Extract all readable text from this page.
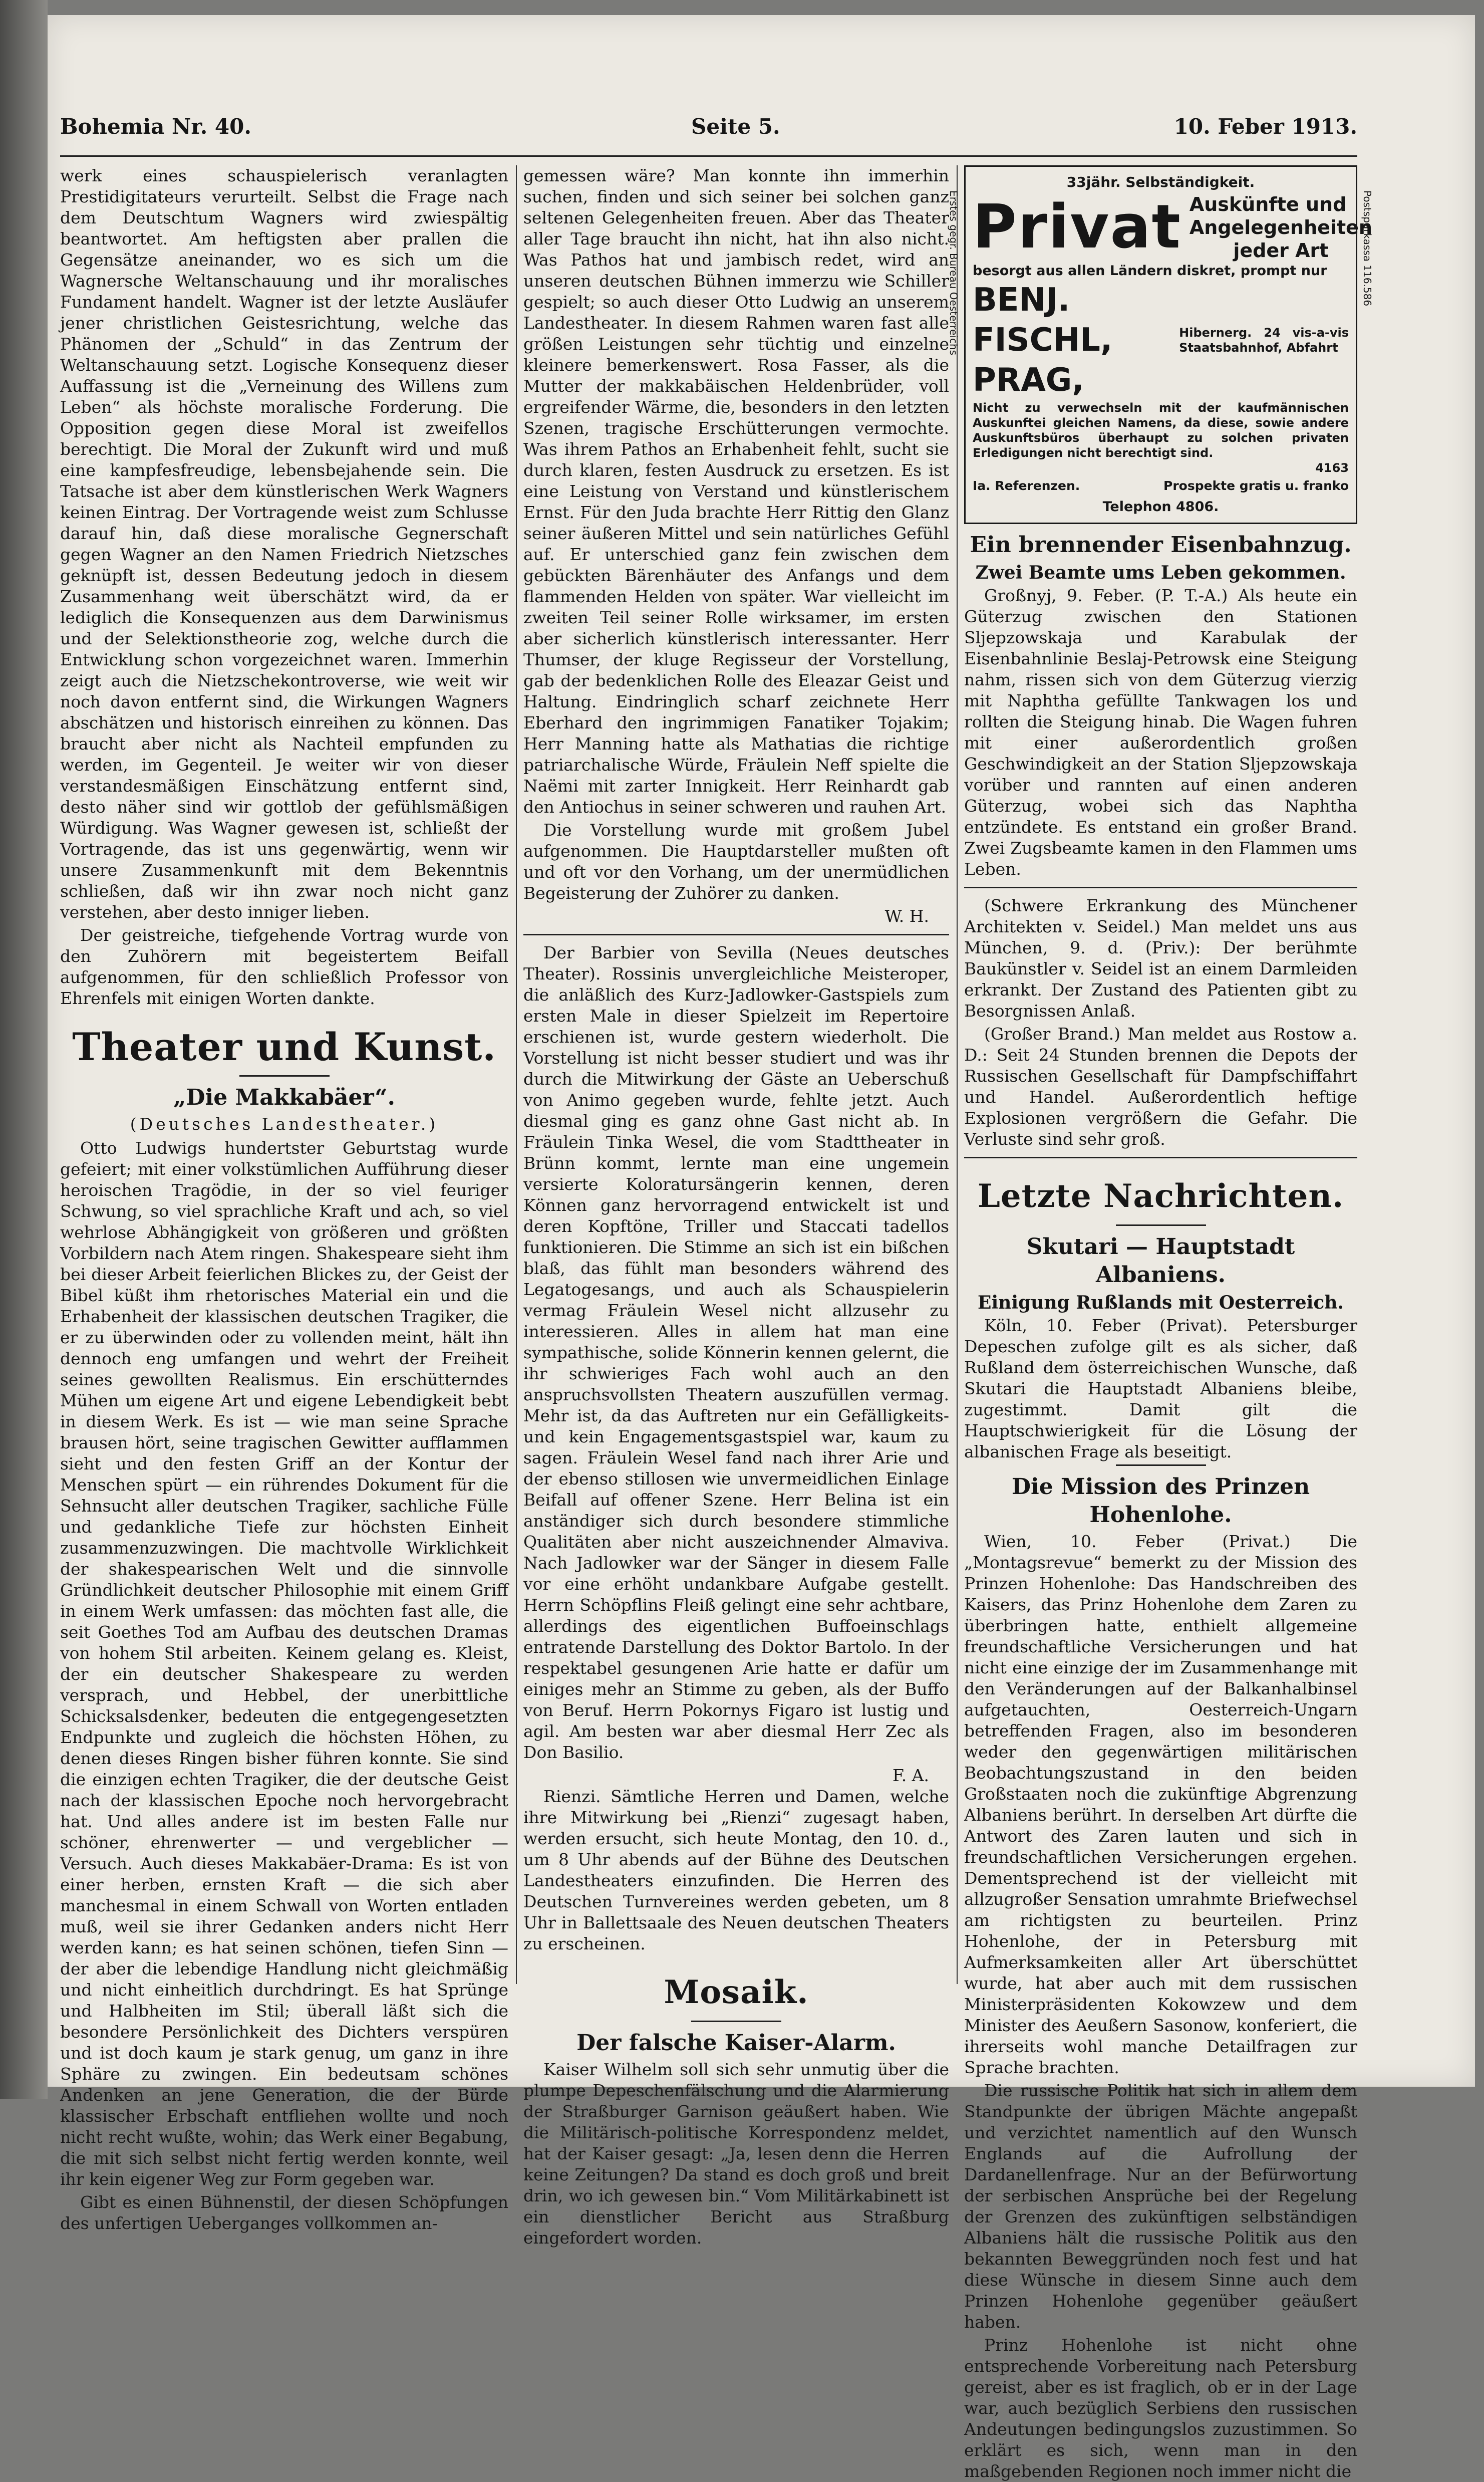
Bohemia Nr. 40.	Seite 5.	10. Feber 1913.

werk eines schauspielerisch veranlagten Prestidigitateurs verurteilt. Selbst die Frage nach dem Deutschtum Wagners wird zwiespältig beantwortet. Am heftigsten aber prallen die Gegensätze aneinander, wo es sich um die Wagnersche Weltanschauung und ihr moralisches Fundament handelt. Wagner ist der letzte Ausläufer jener christlichen Geistesrichtung, welche das Phänomen der „Schuld“ in das Zentrum der Weltanschauung setzt. Logische Konsequenz dieser Auffassung ist die „Verneinung des Willens zum Leben“ als höchste moralische Forderung. Die Opposition gegen diese Moral ist zweifellos berechtigt. Die Moral der Zukunft wird und muß eine kampfesfreudige, lebensbejahende sein. Die Tatsache ist aber dem künstlerischen Werk Wagners keinen Eintrag. Der Vortragende weist zum Schlusse darauf hin, daß diese moralische Gegnerschaft gegen Wagner an den Namen Friedrich Nietzsches geknüpft ist, dessen Bedeutung jedoch in diesem Zusammenhang weit überschätzt wird, da er lediglich die Konsequenzen aus dem Darwinismus und der Selektionstheorie zog, welche durch die Entwicklung schon vorgezeichnet waren. Immerhin zeigt auch die Nietzschekontroverse, wie weit wir noch davon entfernt sind, die Wirkungen Wagners abschätzen und historisch einreihen zu können. Das braucht aber nicht als Nachteil empfunden zu werden, im Gegenteil. Je weiter wir von dieser verstandesmäßigen Einschätzung entfernt sind, desto näher sind wir gottlob der gefühlsmäßigen Würdigung. Was Wagner gewesen ist, schließt der Vortragende, das ist uns gegenwärtig, wenn wir unsere Zusammenkunft mit dem Bekenntnis schließen, daß wir ihn zwar noch nicht ganz verstehen, aber desto inniger lieben.

Der geistreiche, tiefgehende Vortrag wurde von den Zuhörern mit begeistertem Beifall aufgenommen, für den schließlich Professor von Ehrenfels mit einigen Worten dankte.

Theater und Kunst.
„Die Makkabäer“.
(Deutsches Landestheater.)

Otto Ludwigs hundertster Geburtstag wurde gefeiert; mit einer volkstümlichen Aufführung dieser heroischen Tragödie, in der so viel feuriger Schwung, so viel sprachliche Kraft und ach, so viel wehrlose Abhängigkeit von größeren und größten Vorbildern nach Atem ringen. Shakespeare sieht ihm bei dieser Arbeit feierlichen Blickes zu, der Geist der Bibel küßt ihm rhetorisches Material ein und die Erhabenheit der klassischen deutschen Tragiker, die er zu überwinden oder zu vollenden meint, hält ihn dennoch eng umfangen und wehrt der Freiheit seines gewollten Realismus. Ein erschütterndes Mühen um eigene Art und eigene Lebendigkeit bebt in diesem Werk. Es ist — wie man seine Sprache brausen hört, seine tragischen Gewitter aufflammen sieht und den festen Griff an der Kontur der Menschen spürt — ein rührendes Dokument für die Sehnsucht aller deutschen Tragiker, sachliche Fülle und gedankliche Tiefe zur höchsten Einheit zusammenzuzwingen. Die machtvolle Wirklichkeit der shakespearischen Welt und die sinnvolle Gründlichkeit deutscher Philosophie mit einem Griff in einem Werk umfassen: das möchten fast alle, die seit Goethes Tod am Aufbau des deutschen Dramas von hohem Stil arbeiten. Keinem gelang es. Kleist, der ein deutscher Shakespeare zu werden versprach, und Hebbel, der unerbittliche Schicksalsdenker, bedeuten die entgegengesetzten Endpunkte und zugleich die höchsten Höhen, zu denen dieses Ringen bisher führen konnte. Sie sind die einzigen echten Tragiker, die der deutsche Geist nach der klassischen Epoche noch hervorgebracht hat. Und alles andere ist im besten Falle nur schöner, ehrenwerter — und vergeblicher — Versuch. Auch dieses Makkabäer-Drama: Es ist von einer herben, ernsten Kraft — die sich aber manchesmal in einem Schwall von Worten entladen muß, weil sie ihrer Gedanken anders nicht Herr werden kann; es hat seinen schönen, tiefen Sinn — der aber die lebendige Handlung nicht gleichmäßig und nicht einheitlich durchdringt. Es hat Sprünge und Halbheiten im Stil; überall läßt sich die besondere Persönlichkeit des Dichters verspüren und ist doch kaum je stark genug, um ganz in ihre Sphäre zu zwingen. Ein bedeutsam schönes Andenken an jene Generation, die der Bürde klassischer Erbschaft entfliehen wollte und noch nicht recht wußte, wohin; das Werk einer Begabung, die mit sich selbst nicht fertig werden konnte, weil ihr kein eigener Weg zur Form gegeben war.

Gibt es einen Bühnenstil, der diesen Schöpfungen des unfertigen Ueberganges vollkommen an-

gemessen wäre? Man konnte ihn immerhin suchen, finden und sich seiner bei solchen ganz seltenen Gelegenheiten freuen. Aber das Theater aller Tage braucht ihn nicht, hat ihn also nicht. Was Pathos hat und jambisch redet, wird an unseren deutschen Bühnen immerzu wie Schiller gespielt; so auch dieser Otto Ludwig an unserem Landestheater. In diesem Rahmen waren fast alle größen Leistungen sehr tüchtig und einzelne kleinere bemerkenswert. Rosa Fasser, als die Mutter der makkabäischen Heldenbrüder, voll ergreifender Wärme, die, besonders in den letzten Szenen, tragische Erschütterungen vermochte. Was ihrem Pathos an Erhabenheit fehlt, sucht sie durch klaren, festen Ausdruck zu ersetzen. Es ist eine Leistung von Verstand und künstlerischem Ernst. Für den Juda brachte Herr Rittig den Glanz seiner äußeren Mittel und sein natürliches Gefühl auf. Er unterschied ganz fein zwischen dem gebückten Bärenhäuter des Anfangs und dem flammenden Helden von später. War vielleicht im zweiten Teil seiner Rolle wirksamer, im ersten aber sicherlich künstlerisch interessanter. Herr Thumser, der kluge Regisseur der Vorstellung, gab der bedenklichen Rolle des Eleazar Geist und Haltung. Eindringlich scharf zeichnete Herr Eberhard den ingrimmigen Fanatiker Tojakim; Herr Manning hatte als Mathatias die richtige patriarchalische Würde, Fräulein Neff spielte die Naëmi mit zarter Innigkeit. Herr Reinhardt gab den Antiochus in seiner schweren und rauhen Art.

Die Vorstellung wurde mit großem Jubel aufgenommen. Die Hauptdarsteller mußten oft und oft vor den Vorhang, um der unermüdlichen Begeisterung der Zuhörer zu danken.

W. H.

Der Barbier von Sevilla (Neues deutsches Theater). Rossinis unvergleichliche Meisteroper, die anläßlich des Kurz-Jadlowker-Gastspiels zum ersten Male in dieser Spielzeit im Repertoire erschienen ist, wurde gestern wiederholt. Die Vorstellung ist nicht besser studiert und was ihr durch die Mitwirkung der Gäste an Ueberschuß von Animo gegeben wurde, fehlte jetzt. Auch diesmal ging es ganz ohne Gast nicht ab. In Fräulein Tinka Wesel, die vom Stadttheater in Brünn kommt, lernte man eine ungemein versierte Koloratursängerin kennen, deren Können ganz hervorragend entwickelt ist und deren Kopftöne, Triller und Staccati tadellos funktionieren. Die Stimme an sich ist ein bißchen blaß, das fühlt man besonders während des Legatogesangs, und auch als Schauspielerin vermag Fräulein Wesel nicht allzusehr zu interessieren. Alles in allem hat man eine sympathische, solide Könnerin kennen gelernt, die ihr schwieriges Fach wohl auch an den anspruchsvollsten Theatern auszufüllen vermag. Mehr ist, da das Auftreten nur ein Gefälligkeits- und kein Engagementsgastspiel war, kaum zu sagen. Fräulein Wesel fand nach ihrer Arie und der ebenso stillosen wie unvermeidlichen Einlage Beifall auf offener Szene. Herr Belina ist ein anständiger sich durch besondere stimmliche Qualitäten aber nicht auszeichnender Almaviva. Nach Jadlowker war der Sänger in diesem Falle vor eine erhöht undankbare Aufgabe gestellt. Herrn Schöpflins Fleiß gelingt eine sehr achtbare, allerdings des eigentlichen Buffoeinschlags entratende Darstellung des Doktor Bartolo. In der respektabel gesungenen Arie hatte er dafür um einiges mehr an Stimme zu geben, als der Buffo von Beruf. Herrn Pokornys Figaro ist lustig und agil. Am besten war aber diesmal Herr Zec als Don Basilio.

F. A.

Rienzi. Sämtliche Herren und Damen, welche ihre Mitwirkung bei „Rienzi“ zugesagt haben, werden ersucht, sich heute Montag, den 10. d., um 8 Uhr abends auf der Bühne des Deutschen Landestheaters einzufinden. Die Herren des Deutschen Turnvereines werden gebeten, um 8 Uhr in Ballettsaale des Neuen deutschen Theaters zu erscheinen.

Mosaik.
Der falsche Kaiser-Alarm.

Kaiser Wilhelm soll sich sehr unmutig über die plumpe Depeschenfälschung und die Alarmierung der Straßburger Garnison geäußert haben. Wie die Militärisch-politische Korrespondenz meldet, hat der Kaiser gesagt: „Ja, lesen denn die Herren keine Zeitungen? Da stand es doch groß und breit drin, wo ich gewesen bin.“ Vom Militärkabinett ist ein dienstlicher Bericht aus Straßburg eingefordert worden.

33jähr. Selbständigkeit.
Privat Auskünfte und
Angelegenheiten
jeder Art
besorgt aus allen Ländern diskret, prompt nur
BENJ. FISCHL, PRAG,
Hibernerg. 24 vis-a-vis Staatsbahnhof, Abfahrt
Nicht zu verwechseln mit der kaufmännischen Auskunftei gleichen Namens, da diese, sowie andere Auskunftsbüros überhaupt zu solchen privaten Erledigungen nicht berechtigt sind.
4163
Ia. Referenzen.	Prospekte gratis u. franko
Telephon 4806.
Ein brennender Eisenbahnzug.
Zwei Beamte ums Leben gekommen.

Großnyj, 9. Feber. (P. T.-A.) Als heute ein Güterzug zwischen den Stationen Sljepzowskaja und Karabulak der Eisenbahnlinie Beslaj-Petrowsk eine Steigung nahm, rissen sich von dem Güterzug vierzig mit Naphtha gefüllte Tankwagen los und rollten die Steigung hinab. Die Wagen fuhren mit einer außerordentlich großen Geschwindigkeit an der Station Sljepzowskaja vorüber und rannten auf einen anderen Güterzug, wobei sich das Naphtha entzündete. Es entstand ein großer Brand. Zwei Zugsbeamte kamen in den Flammen ums Leben.

(Schwere Erkrankung des Münchener Architekten v. Seidel.) Man meldet uns aus München, 9. d. (Priv.): Der berühmte Baukünstler v. Seidel ist an einem Darmleiden erkrankt. Der Zustand des Patienten gibt zu Besorgnissen Anlaß.

(Großer Brand.) Man meldet aus Rostow a. D.: Seit 24 Stunden brennen die Depots der Russischen Gesellschaft für Dampfschiffahrt und Handel. Außerordentlich heftige Explosionen vergrößern die Gefahr. Die Verluste sind sehr groß.

Letzte Nachrichten.
Skutari — Hauptstadt Albaniens.
Einigung Rußlands mit Oesterreich.

Köln, 10. Feber (Privat). Petersburger Depeschen zufolge gilt es als sicher, daß Rußland dem österreichischen Wunsche, daß Skutari die Hauptstadt Albaniens bleibe, zugestimmt. Damit gilt die Hauptschwierigkeit für die Lösung der albanischen Frage als beseitigt.

Die Mission des Prinzen Hohenlohe.

Wien, 10. Feber (Privat.) Die „Montagsrevue“ bemerkt zu der Mission des Prinzen Hohenlohe: Das Handschreiben des Kaisers, das Prinz Hohenlohe dem Zaren zu überbringen hatte, enthielt allgemeine freundschaftliche Versicherungen und hat nicht eine einzige der im Zusammenhange mit den Veränderungen auf der Balkanhalbinsel aufgetauchten, Oesterreich-Ungarn betreffenden Fragen, also im besonderen weder den gegenwärtigen militärischen Beobachtungszustand in den beiden Großstaaten noch die zukünftige Abgrenzung Albaniens berührt. In derselben Art dürfte die Antwort des Zaren lauten und sich in freundschaftlichen Versicherungen ergehen. Dementsprechend ist der vielleicht mit allzugroßer Sensation umrahmte Briefwechsel am richtigsten zu beurteilen. Prinz Hohenlohe, der in Petersburg mit Aufmerksamkeiten aller Art überschüttet wurde, hat aber auch mit dem russischen Ministerpräsidenten Kokowzew und dem Minister des Aeußern Sasonow, konferiert, die ihrerseits wohl manche Detailfragen zur Sprache brachten.

Die russische Politik hat sich in allem dem Standpunkte der übrigen Mächte angepaßt und verzichtet namentlich auf den Wunsch Englands auf die Aufrollung der Dardanellenfrage. Nur an der Befürwortung der serbischen Ansprüche bei der Regelung der Grenzen des zukünftigen selbständigen Albaniens hält die russische Politik aus den bekannten Beweggründen noch fest und hat diese Wünsche in diesem Sinne auch dem Prinzen Hohenlohe gegenüber geäußert haben.

Prinz Hohenlohe ist nicht ohne entsprechende Vorbereitung nach Petersburg gereist, aber es ist fraglich, ob er in der Lage war, auch bezüglich Serbiens den russischen Andeutungen bedingungslos zuzustimmen. So erklärt es sich, wenn man in den maßgebenden Regionen noch immer nicht die

Erstes gegr. Bureau Oesterreichs	Postsparkassa 116.586
